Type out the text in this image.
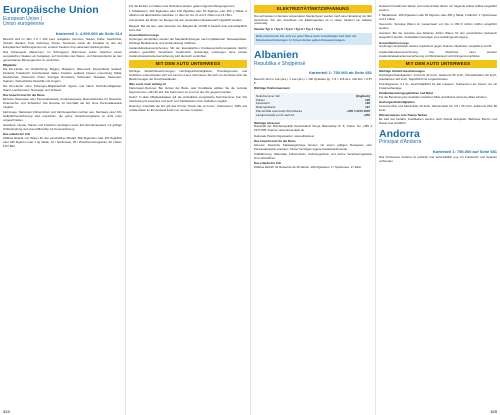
Europäische Union
European Union |
Union européenne
Kartenteil 1: 4.500.000 ab Seite 614

Besucht wird im Jahr 1 € = 100 Cent. Ausgaben: Grenzen, Telefon, Kultur, Geschichte, Verkehr, Banken, Post, Fahrzeug, Preise, Tourismus sowie die Kontakte zu den der Europäischen Währungsunion teil, sondern besitzen ihre nationalen Zahlungsmittel.

Das Schengener Abkommen: Im Schengener Abkommen wurde zwischen einem europäischen Staaten ein festgelegt, auf Kontrollen des Waren- und Dienstverkehrs an den gemeinsamen Binnengrenzen zu verzichten.

Mitglieder

Die EU-Länder mit Verpflichtung: Belgien, Bulgarien, Dänemark, Deutschland, Estland, Finnland, Frankreich, Griechenland, Italien, Kroatien, Lettland, Litauen, Luxemburg, Malta, Niederlande, Österreich, Polen, Portugal, Rumänien, Schweden, Slowakei, Slowenien, Spanien, Tschechische Republik und Ungarn.

Die EU-Länder ohne Schengen-Mitgliedschaft: Zypern und Irland. Nicht-EU-Mitglieder: Island, Liechtenstein, Norwegen und Schweiz.

Das braucht man für die Reise

Einreise: Reisepass oder Personalausweis, Kinderreisepass. Besonderheiten für Deutsche, Österreicher und Schweizer: Die Einreise ist innerhalb der EU ohne Personalausweis möglich.

Fahrzeuge: Nationaler Führerschein und Fahrzeugschein reichen aus. Nachweis einer Kfz-Haftpflichtversicherung wird empfohlen, die grüne Versicherungskarte ist nicht mehr vorgeschrieben.

Haustiere: Hunde, Katzen und Frettchen benötigen einen EU-Heimtierausweis mit gültiger Tollwutimpfung und einen Mikrochip zur Kennzeichnung.

Das erlaubt der Zoll

Zollfreie Einfuhr von Waren für den persönlichen Bedarf: 800 Zigaretten oder 400 Zigarillos oder 200 Zigarren oder 1 kg Tabak, 10 l Spirituosen, 20 l Zwischenerzeugnisse, 90 l Wein, 110 l Bier.

324

Für die Einfuhr von Waren aus Nicht-EU-Ländern gelten folgende Mengengrenzen:

1 Tabakwaren: 200 Zigaretten oder 100 Zigarillos oder 50 Zigarren oder 250 g Tabak. 2 Alkohol und alkoholische Getränke: 1 l über 22 Vol.-% und 4 l Wein und 16 l Bier.

Arzneimittel: Es dürfen nur Mengen für den persönlichen Reisebedarf mitgeführt werden.

Bargeld: Bei der Ein- oder Ausreise von Bargeld ab 10.000 € besteht eine Anmeldepflicht beim Zoll.

Gesundheitsvorsorge

Impfungen: Empfohlen werden die Standardimpfungen nach Impfkalender. Reiseapotheke: Wichtige Medikamente und Verbandszeug mitführen.

Auslandskrankenversicherung: Mit der Europäischen Krankenversicherungskarte (EHIC) erhalten gesetzlich Versicherte medizinisch notwendige Leistungen. Eine private Auslandsreisekrankenversicherung wird dennoch empfohlen.

MIT DEM AUTO UNTERWEGS

Wichtige Verkehrsbestimmungen: Höchstgeschwindigkeiten, Promillegrenzen und Gebühren unterscheiden sich von Land zu Land. Informieren Sie sich vor der Reise über die Bestimmungen der Durchreiseländer.

Was sonst noch wichtig ist

Kartensperr-Nummer: Bei Verlust der Bank- oder Kreditkarte wählen Sie die zentrale Sperrnummer +49 116 116. Die Karte kann so rund um die Uhr gesperrt werden.

Notruf: In allen Mitgliedsstaaten gilt die einheitliche europäische Notrufnummer 112. Die Verbindung ist kostenlos und auch vom Mobiltelefon ohne Guthaben möglich.

Roaming: Innerhalb der EU gilt das Prinzip "Roam like at home": Telefonieren, SMS und mobile Daten im EU-Ausland kosten so viel wie zu Hause.

ELEKTRIZITÄT/NETZSPANNUNG

Die verbreiteten in Europa verwendeten Steckertypen werden nach einer Einteilung der IEC bezeichnet. Für den Anschluss von Elektrogeräten ist in vielen Ländern ein Adapter notwendig.

Stecker Typ C / Typ E / Typ F / Typ G / Typ J / Typ L
Bitte informieren Sie sich vor jeder Reise beim Auswärtigen Amt über die Einreisebestimmungen. In Krisen-Zeiten gelten Reisewarnungen.
Albanien
Republika e Shqipërisë
Kartenteil 1: 750.000 ab Seite 681

Besucht wird in Lek (ALL). 1 Lek (ALL) = 100 Qindarka (q). 1 € = 115 ALL, 100 ALL = 0,87 €.

Wichtige Telefonnummern
Notrufnummer 112	(Englisch)
Polizei	129
Feuerwehr	128
Rettungsdienst	127
Pannenhilfe Automobil Club Albania	+355 4 2273 4545
Ländervorwahl von D nach AL	+355
Wichtige Adressen

Botschaft der Bundesrepublik Deutschland: Rruga Skënderbej Nr. 8, Tirana. Tel. +355 4 2274 505. Internet: www.tirana.diplo.de

Nationale Tourist-Organisation: www.albania.al

Das braucht man für die Reise

Einreise: Deutsche Staatsangehörige können mit einem gültigen Reisepass oder Personalausweis einreisen. Kinder benötigen eigene Ausweisdokumente.

Kraftfahrzeug: Nationaler Führerschein, Fahrzeugschein und Grüne Versicherungskarte sind mitzuführen.

Das erlaubt der Zoll

Zollfreie Einfuhr für Reisende ab 18 Jahren: 200 Zigaretten, 1 l Spirituosen, 2 l Wein.

Gebraucht bestimmte Waren und Lebensmittel dürfen nur folgende Artikel zollfrei eingeführt werden:

1 Tabakwaren: 200 Zigaretten oder 50 Zigarren oder 250 g Tabak. 2 Alkohol: 1 l Spirituosen und 2 l Wein.

Souvenirs: Sonstige Waren im Gesamtwert von bis zu 300 € dürfen zollfrei eingeführt werden.

Ausreise: Bei der Ausreise aus Albanien dürfen Waren für den persönlichen Gebrauch ausgeführt werden. Antiquitäten benötigen eine Ausfuhrgenehmigung.

Gesundheitsvorsorge

Impfungen: Empfohlen werden Impfschutz gegen Tetanus, Diphtherie, Hepatitis A und B.

Auslandskrankenversicherung: Der Abschluss einer privaten Auslandsreisekrankenversicherung mit Rücktransport wird dringend empfohlen.

MIT DEM AUTO UNTERWEGS
Wichtige Verkehrsbestimmungen

Höchstgeschwindigkeiten: Innerorts 40 km/h, außerorts 80 km/h, Schnellstraßen 90 km/h, Autobahnen 110 km/h. Tagfahrlicht ist vorgeschrieben.

Promillegrenze: 0,1 ‰. Anschnallpflicht für alle Insassen. Telefonieren am Steuer nur mit Freisprechanlage.

Straßenbenutzungsgebühren und Maut

Für die Benutzung der Autobahn zwischen Milot und Morinë wird eine Maut erhoben.

Höchstgeschwindigkeiten

Innerorts Pkw und Motorräder 40 km/h, Wohnmobile bis 3,5 t 40 km/h, außerorts Pkw 80 km/h.

Wissenswertes zum Thema Tanken

Es wird bar bezahlt, Kreditkarten werden nicht überall akzeptiert. Bleifreies Benzin und Diesel sind erhältlich.

Andorra
Principat d'Andorra
Kartenteil 1: 750.000 auf Seite 681

Das Fürstentum Andorra ist politisch und wirtschaftlich eng mit Frankreich und Spanien verbunden.

325
